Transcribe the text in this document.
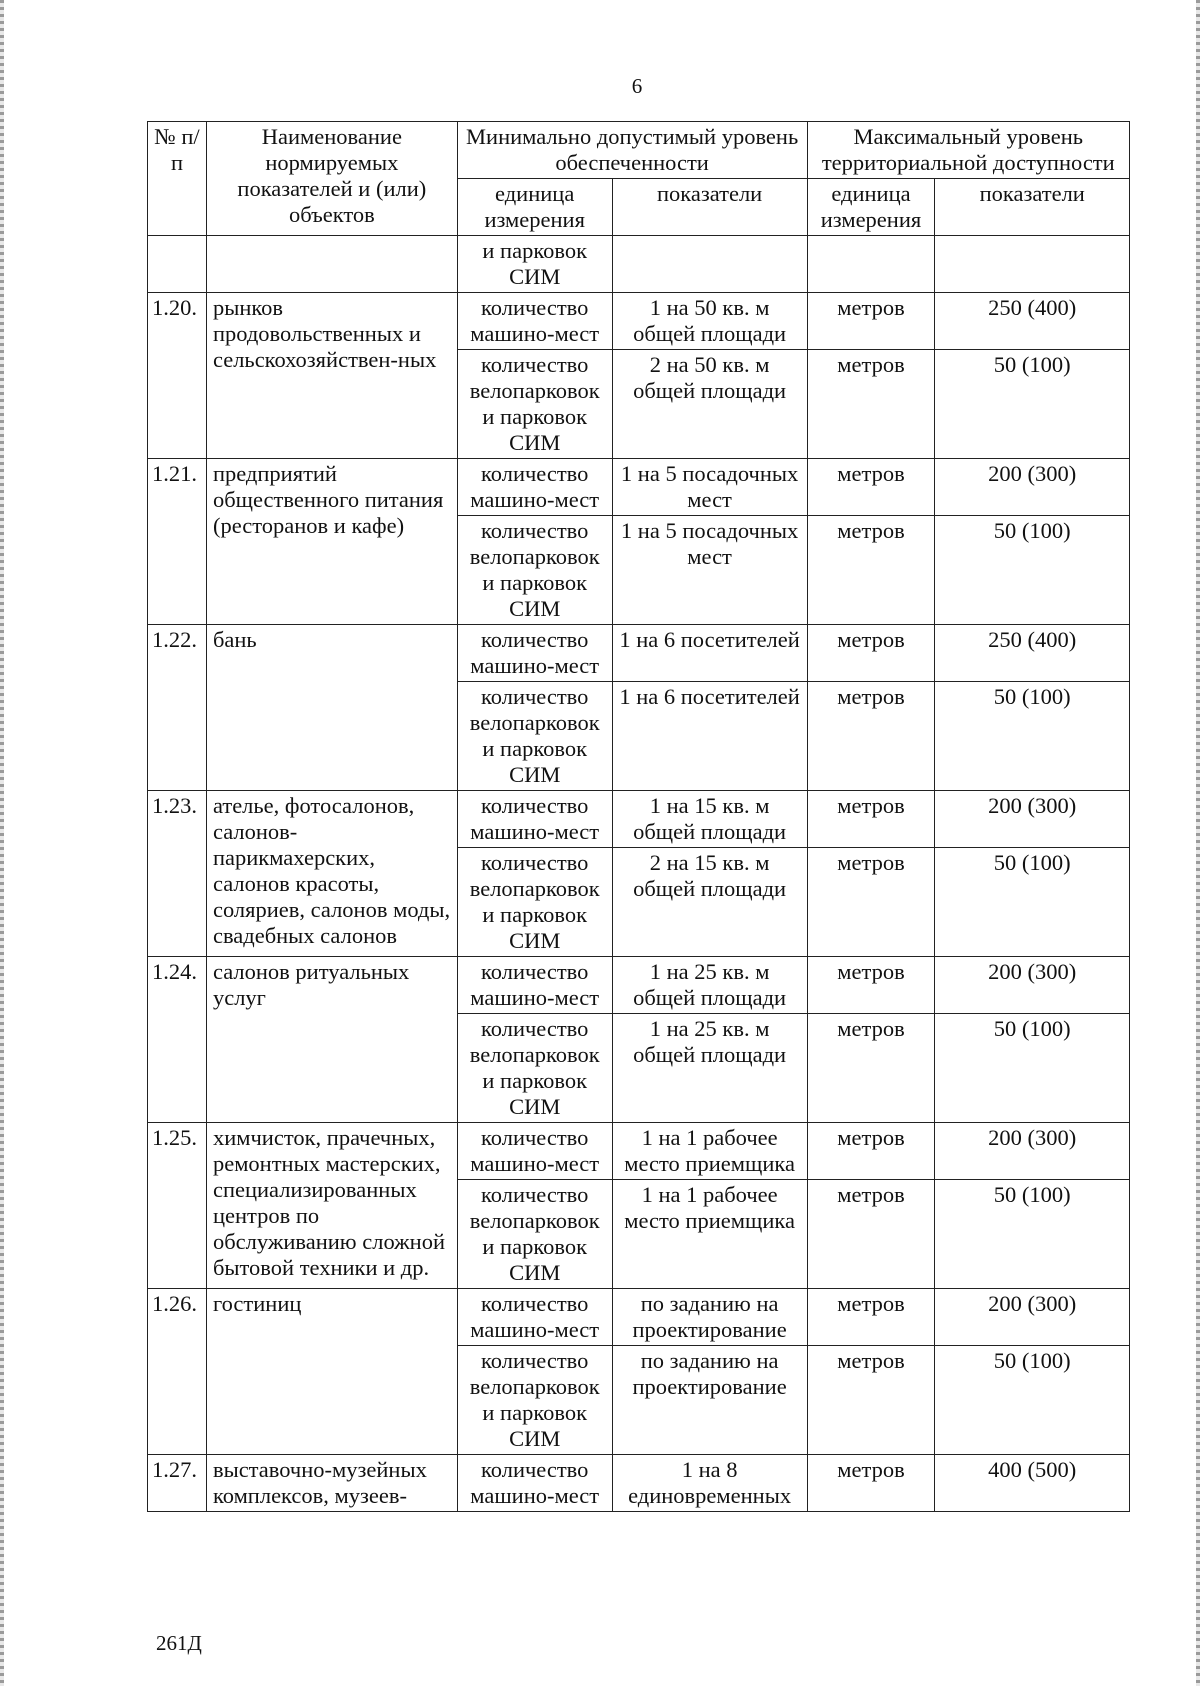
6
№ п/п	Наименование нормируемых показателей и (или) объектов	Минимально допустимый уровень обеспеченности		Максимальный уровень территориальной доступности	
		единица измерения	показатели	единица измерения	показатели
		и парковок СИМ			
1.20.	рынков продовольственных и сельскохозяйствен-ных	количество машино-мест	1 на 50 кв. м общей площади	метров	250 (400)
		количество велопарковок и парковок СИМ	2 на 50 кв. м общей площади	метров	50 (100)
1.21.	предприятий общественного питания (ресторанов и кафе)	количество машино-мест	1 на 5 посадочных мест	метров	200 (300)
		количество велопарковок и парковок СИМ	1 на 5 посадочных мест	метров	50 (100)
1.22.	бань	количество машино-мест	1 на 6 посетителей	метров	250 (400)
		количество велопарковок и парковок СИМ	1 на 6 посетителей	метров	50 (100)
1.23.	ателье, фотосалонов, салонов-парикмахерских, салонов красоты, соляриев, салонов моды, свадебных салонов	количество машино-мест	1 на 15 кв. м общей площади	метров	200 (300)
		количество велопарковок и парковок СИМ	2 на 15 кв. м общей площади	метров	50 (100)
1.24.	салонов ритуальных услуг	количество машино-мест	1 на 25 кв. м общей площади	метров	200 (300)
		количество велопарковок и парковок СИМ	1 на 25 кв. м общей площади	метров	50 (100)
1.25.	химчисток, прачечных, ремонтных мастерских, специализированных центров по обслуживанию сложной бытовой техники и др.	количество машино-мест	1 на 1 рабочее место приемщика	метров	200 (300)
		количество велопарковок и парковок СИМ	1 на 1 рабочее место приемщика	метров	50 (100)
1.26.	гостиниц	количество машино-мест	по заданию на проектирование	метров	200 (300)
		количество велопарковок и парковок СИМ	по заданию на проектирование	метров	50 (100)
1.27.	выставочно-музейных комплексов, музеев-	количество машино-мест	1 на 8 единовременных	метров	400 (500)
261Д
